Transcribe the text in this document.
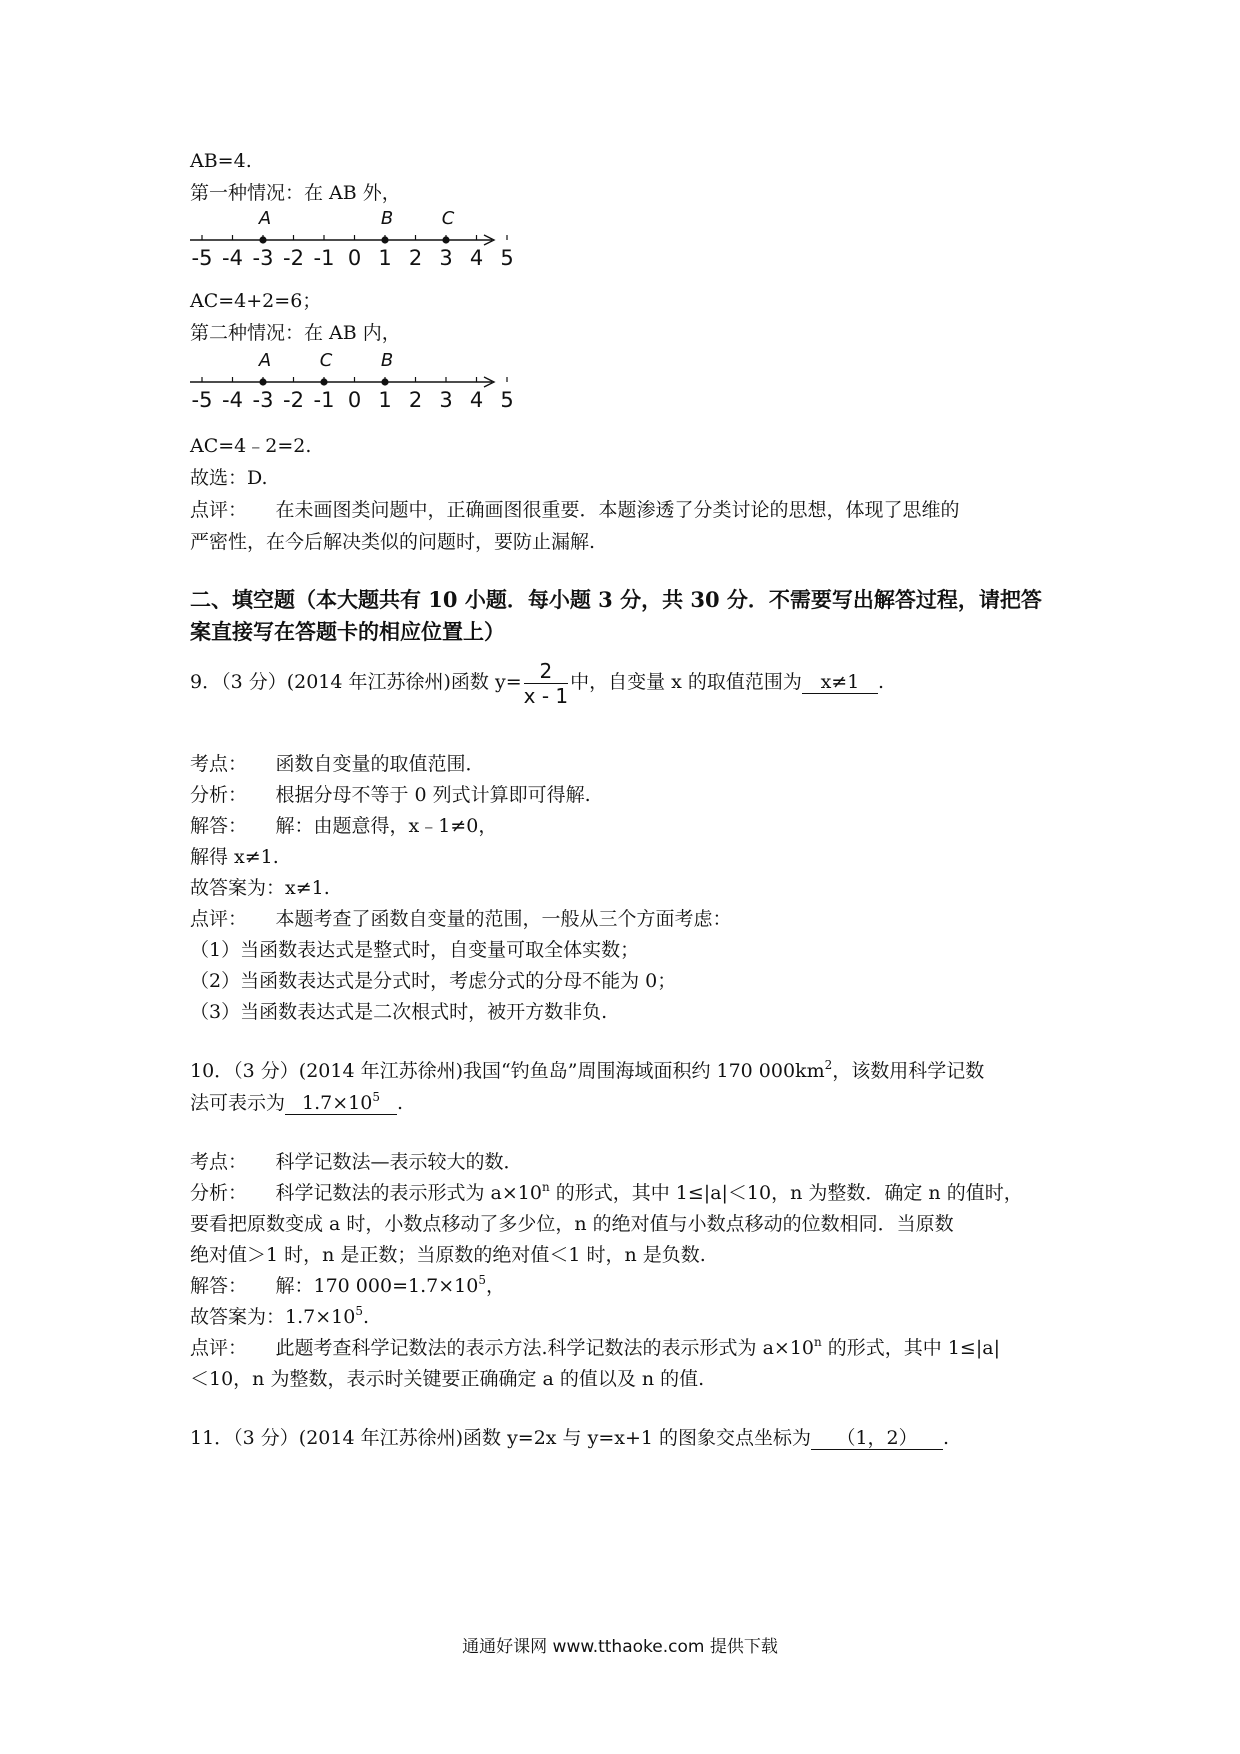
AB=4.
第一种情况：在 AB 外，
-5 -4 -3 -2 -1 0 1 2 3 4 5
A	B	C
AC=4+2=6；
第二种情况：在 AB 内，
-5 -4 -3 -2 -1 0 1 2 3 4 5
A	C	B
AC=4﹣2=2.
故选：D.
点评：　　在未画图类问题中，正确画图很重要．本题渗透了分类讨论的思想，体现了思维的
严密性，在今后解决类似的问题时，要防止漏解.
二、填空题（本大题共有 10 小题．每小题 3 分，共 30 分．不需要写出解答过程，请把答
案直接写在答题卡的相应位置上）
9．（3 分）(2014 年江苏徐州)函数 $y= \frac{2}{x - 1}$ 中，自变量 x 的取值范围为 x≠1 .
考点：　　函数自变量的取值范围．
分析：　　根据分母不等于 0 列式计算即可得解.
解答：　　解：由题意得，x﹣1≠0，
解得 x≠1.
故答案为：x≠1.
点评：　　本题考查了函数自变量的范围，一般从三个方面考虑：
（1）当函数表达式是整式时，自变量可取全体实数；
（2）当函数表达式是分式时，考虑分式的分母不能为 0；
（3）当函数表达式是二次根式时，被开方数非负.
10．（3 分）(2014 年江苏徐州)我国“钓鱼岛”周围海域面积约 170 $000km^2$，该数用科学记数
法可表示为 $1.7\times 10^5$ .
考点：　　科学记数法—表示较大的数．
分析：　　科学记数法的表示形式为 $a\times 10^n$ 的形式，其中 1≤|a|＜10，n 为整数．确定 n 的值时，
要看把原数变成 a 时，小数点移动了多少位，n 的绝对值与小数点移动的位数相同．当原数
绝对值＞1 时，n 是正数；当原数的绝对值＜1 时，n 是负数.
解答：　　解：170 $000=1.7\times 10^5$，
故答案为：$1.7\times 10^5$.
点评：　　此题考查科学记数法的表示方法.科学记数法的表示形式为 $a\times 10^n$ 的形式，其中 1≤|a|
＜10，n 为整数，表示时关键要正确确定 a 的值以及 n 的值.
11．（3 分）(2014 年江苏徐州)函数 y=2x 与 y=x+1 的图象交点坐标为 （1，2） .
通通好课网 www.tthaoke.com 提供下载
